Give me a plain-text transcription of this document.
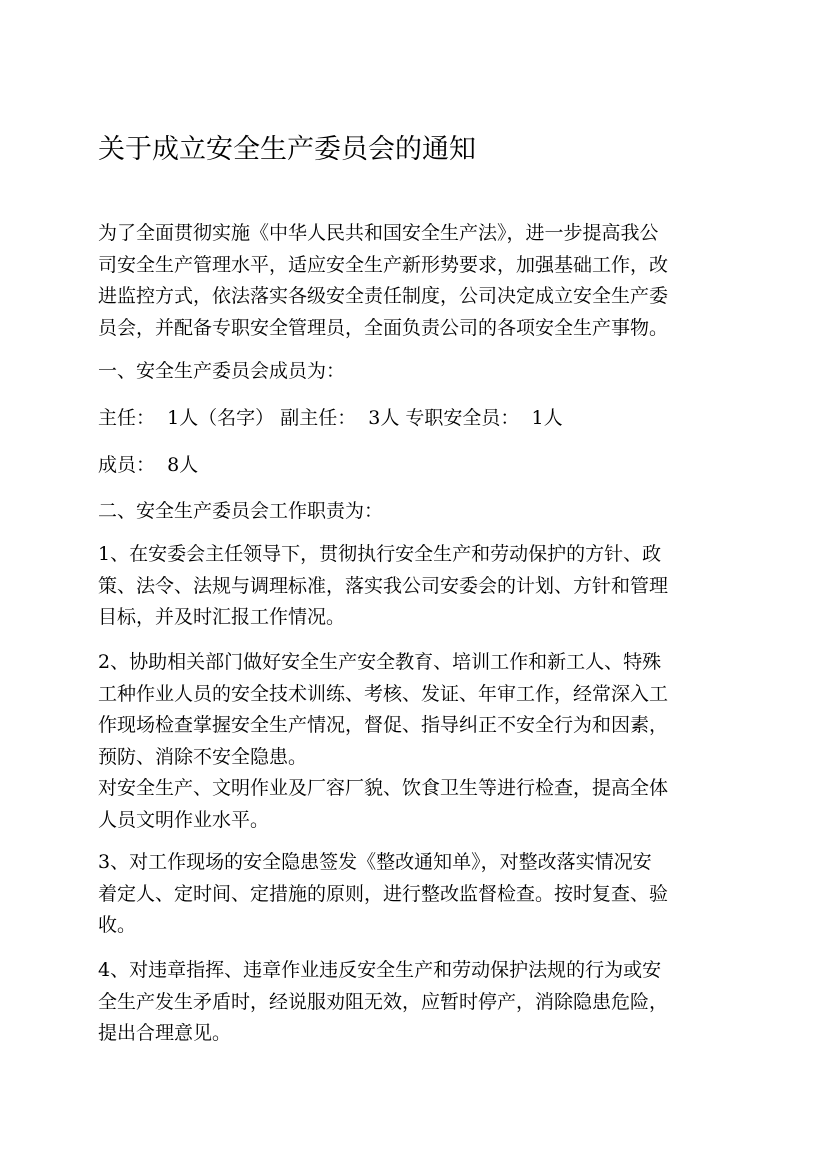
关于成立安全生产委员会的通知

为了全面贯彻实施《中华人民共和国安全生产法》，进一步提高我公
司安全生产管理水平，适应安全生产新形势要求，加强基础工作，改
进监控方式，依法落实各级安全责任制度，公司决定成立安全生产委
员会，并配备专职安全管理员，全面负责公司的各项安全生产事物。

一、安全生产委员会成员为：

主任：  1人（名字） 副主任：  3人 专职安全员：  1人

成员：  8人

二、安全生产委员会工作职责为：

1、在安委会主任领导下，贯彻执行安全生产和劳动保护的方针、政
策、法令、法规与调理标准，落实我公司安委会的计划、方针和管理
目标，并及时汇报工作情况。

2、协助相关部门做好安全生产安全教育、培训工作和新工人、特殊
工种作业人员的安全技术训练、考核、发证、年审工作，经常深入工
作现场检查掌握安全生产情况，督促、指导纠正不安全行为和因素，
预防、消除不安全隐患。
对安全生产、文明作业及厂容厂貌、饮食卫生等进行检查，提高全体
人员文明作业水平。

3、对工作现场的安全隐患签发《整改通知单》，对整改落实情况安
着定人、定时间、定措施的原则，进行整改监督检查。按时复查、验
收。

4、对违章指挥、违章作业违反安全生产和劳动保护法规的行为或安
全生产发生矛盾时，经说服劝阻无效，应暂时停产，消除隐患危险，
提出合理意见。
